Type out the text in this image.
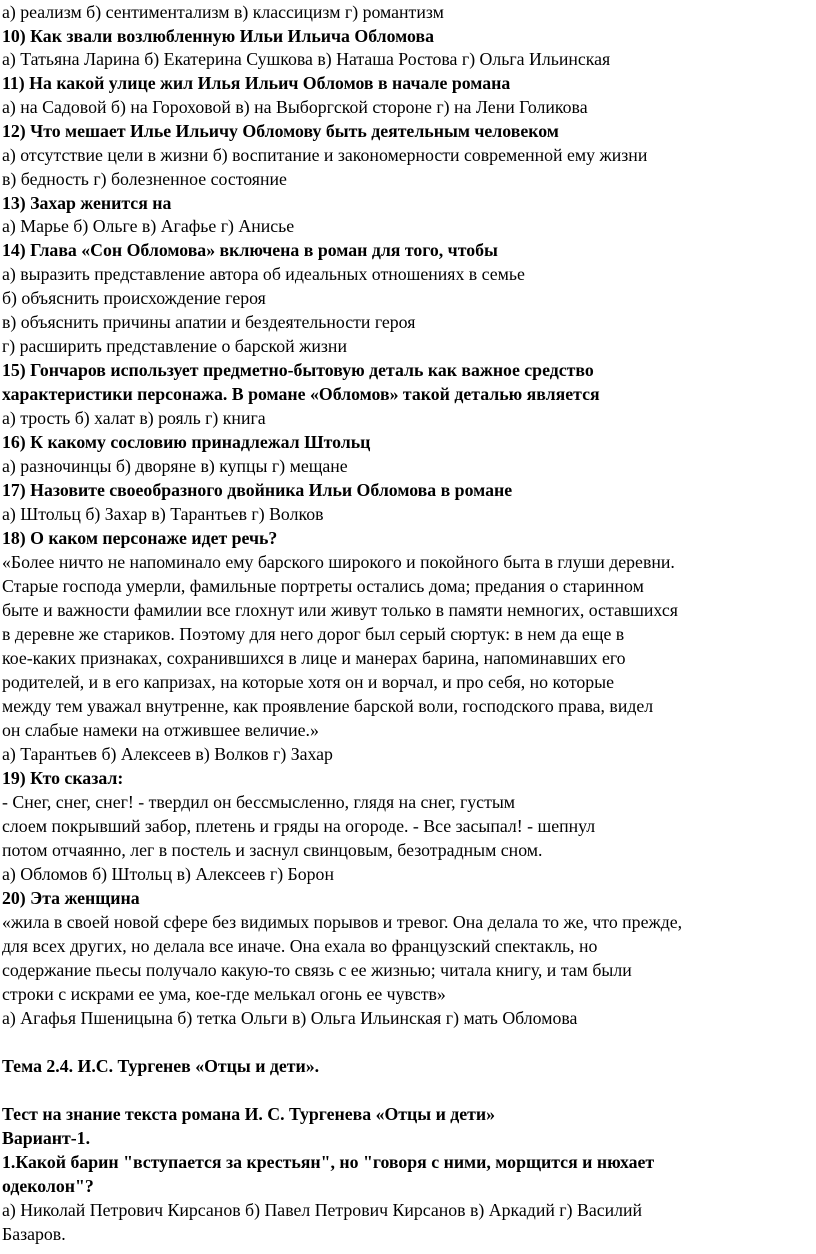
а) реализм б) сентиментализм в) классицизм г) романтизм

10) Как звали возлюбленную Ильи Ильича Обломова

а) Татьяна Ларина б) Екатерина Сушкова в) Наташа Ростова г) Ольга Ильинская

11) На какой улице жил Илья Ильич Обломов в начале романа

а) на Садовой б) на Гороховой в) на Выборгской стороне г) на Лени Голикова

12) Что мешает Илье Ильичу Обломову быть деятельным человеком

а) отсутствие цели в жизни б) воспитание и закономерности современной ему жизни

в) бедность г) болезненное состояние

13) Захар женится на

а) Марье б) Ольге в) Агафье г) Анисье

14) Глава «Сон Обломова» включена в роман для того, чтобы

а) выразить представление автора об идеальных отношениях в семье

б) объяснить происхождение героя

в) объяснить причины апатии и бездеятельности героя

г) расширить представление о барской жизни

15) Гончаров использует предметно-бытовую деталь как важное средство

характеристики персонажа. В романе «Обломов» такой деталью является

а) трость б) халат в) рояль г) книга

16) К какому сословию принадлежал Штольц

а) разночинцы б) дворяне в) купцы г) мещане

17) Назовите своеобразного двойника Ильи Обломова в романе

а) Штольц б) Захар в) Тарантьев г) Волков

18) О каком персонаже идет речь?

«Более ничто не напоминало ему барского широкого и покойного быта в глуши деревни.

Старые господа умерли, фамильные портреты остались дома; предания о старинном

быте и важности фамилии все глохнут или живут только в памяти немногих, оставшихся

в деревне же стариков. Поэтому для него дорог был серый сюртук: в нем да еще в

кое-каких признаках, сохранившихся в лице и манерах барина, напоминавших его

родителей, и в его капризах, на которые хотя он и ворчал, и про себя, но которые

между тем уважал внутренне, как проявление барской воли, господского права, видел

он слабые намеки на отжившее величие.»

а) Тарантьев б) Алексеев в) Волков г) Захар

19) Кто сказал:

- Снег, снег, снег! - твердил он бессмысленно, глядя на снег, густым

слоем покрывший забор, плетень и гряды на огороде. - Все засыпал! - шепнул

потом отчаянно, лег в постель и заснул свинцовым, безотрадным сном.

а) Обломов б) Штольц в) Алексеев г) Борон

20) Эта женщина

«жила в своей новой сфере без видимых порывов и тревог. Она делала то же, что прежде,

для всех других, но делала все иначе. Она ехала во французский спектакль, но

содержание пьесы получало какую-то связь с ее жизнью; читала книгу, и там были

строки с искрами ее ума, кое-где мелькал огонь ее чувств»

а) Агафья Пшеницына б) тетка Ольги в) Ольга Ильинская г) мать Обломова

Тема 2.4. И.С. Тургенев «Отцы и дети».

Тест на знание текста романа И. С. Тургенева «Отцы и дети»

Вариант-1.

1.Какой барин "вступается за крестьян", но "говоря с ними, морщится и нюхает

одеколон"?

а) Николай Петрович Кирсанов б) Павел Петрович Кирсанов в) Аркадий г) Василий

Базаров.
